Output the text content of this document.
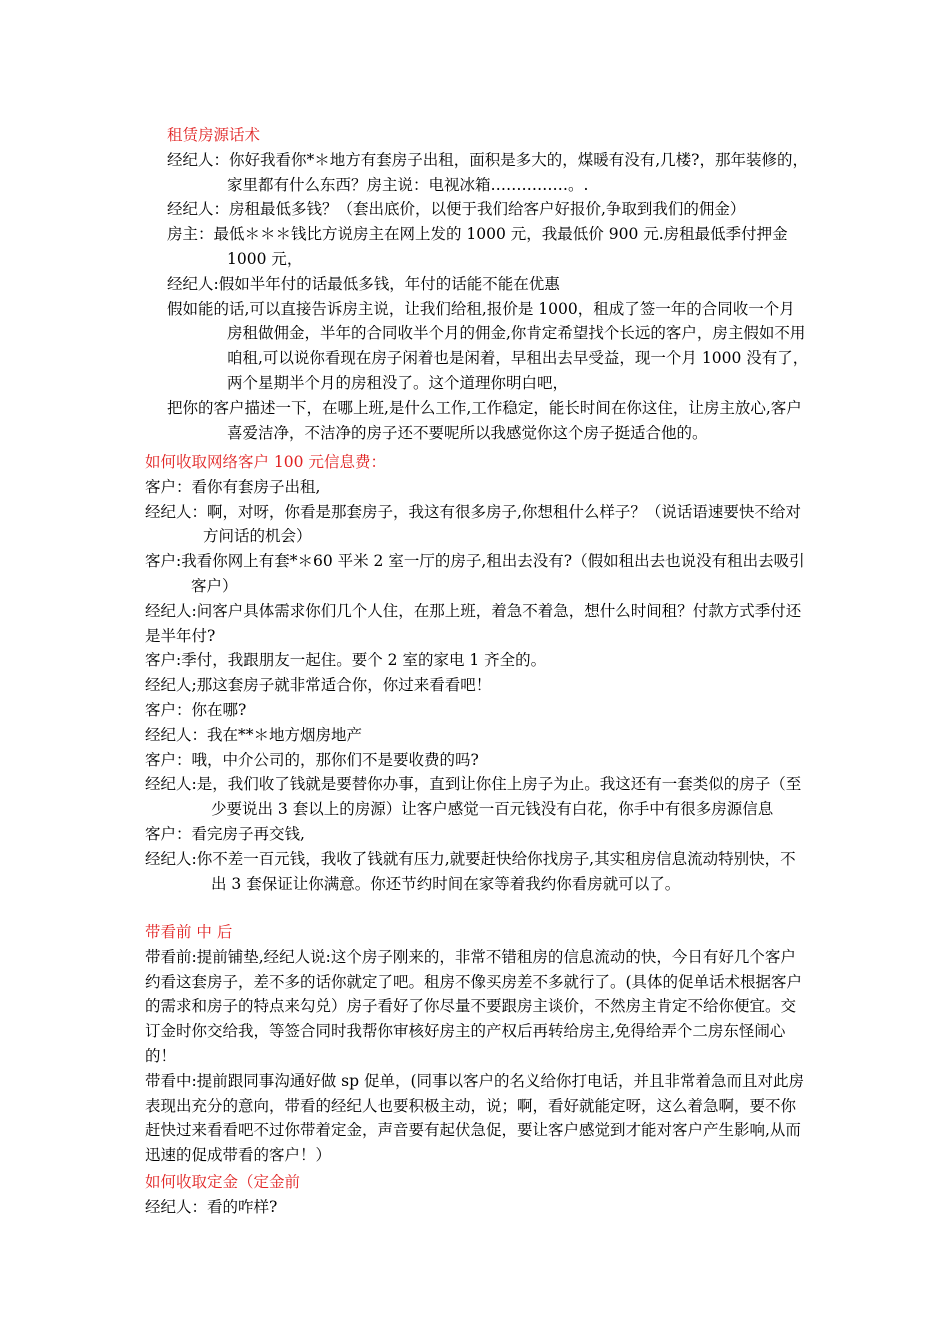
租赁房源话术

经纪人：你好我看你*＊地方有套房子出租，面积是多大的，煤暖有没有,几楼?，那年装修的，家里都有什么东西？房主说：电视冰箱……………。.

经纪人：房租最低多钱？（套出底价，以便于我们给客户好报价,争取到我们的佣金）

房主：最低＊＊＊钱比方说房主在网上发的 1000 元，我最低价 900 元.房租最低季付押金 1000 元，

经纪人:假如半年付的话最低多钱，年付的话能不能在优惠

假如能的话,可以直接告诉房主说，让我们给租,报价是 1000，租成了签一年的合同收一个月房租做佣金，半年的合同收半个月的佣金,你肯定希望找个长远的客户，房主假如不用咱租,可以说你看现在房子闲着也是闲着，早租出去早受益，现一个月 1000 没有了，两个星期半个月的房租没了。这个道理你明白吧，

把你的客户描述一下，在哪上班,是什么工作,工作稳定，能长时间在你这住，让房主放心,客户喜爱洁净，不洁净的房子还不要呢所以我感觉你这个房子挺适合他的。

如何收取网络客户 100 元信息费：

客户：看你有套房子出租,

经纪人：啊，对呀，你看是那套房子，我这有很多房子,你想租什么样子？（说话语速要快不给对方问话的机会）

客户:我看你网上有套*＊60 平米 2 室一厅的房子,租出去没有?（假如租出去也说没有租出去吸引客户）

经纪人:问客户具体需求你们几个人住，在那上班，着急不着急，想什么时间租？付款方式季付还是半年付?

客户:季付，我跟朋友一起住。要个 2 室的家电 1 齐全的。

经纪人;那这套房子就非常适合你，你过来看看吧！

客户：你在哪?

经纪人：我在**＊地方烟房地产

客户：哦，中介公司的，那你们不是要收费的吗?

经纪人:是，我们收了钱就是要替你办事，直到让你住上房子为止。我这还有一套类似的房子（至少要说出 3 套以上的房源）让客户感觉一百元钱没有白花，你手中有很多房源信息

客户：看完房子再交钱,

经纪人:你不差一百元钱，我收了钱就有压力,就要赶快给你找房子,其实租房信息流动特别快，不出 3 套保证让你满意。你还节约时间在家等着我约你看房就可以了。

带看前 中 后

带看前:提前铺垫,经纪人说:这个房子刚来的，非常不错租房的信息流动的快，今日有好几个客户约看这套房子，差不多的话你就定了吧。租房不像买房差不多就行了。(具体的促单话术根据客户的需求和房子的特点来勾兑）房子看好了你尽量不要跟房主谈价，不然房主肯定不给你便宜。交订金时你交给我，等签合同时我帮你审核好房主的产权后再转给房主,免得给弄个二房东怪闹心的！

带看中:提前跟同事沟通好做 sp 促单，(同事以客户的名义给你打电话，并且非常着急而且对此房表现出充分的意向，带看的经纪人也要积极主动，说；啊，看好就能定呀，这么着急啊，要不你赶快过来看看吧不过你带着定金，声音要有起伏急促，要让客户感觉到才能对客户产生影响,从而迅速的促成带看的客户！）

如何收取定金（定金前

经纪人：看的咋样?
